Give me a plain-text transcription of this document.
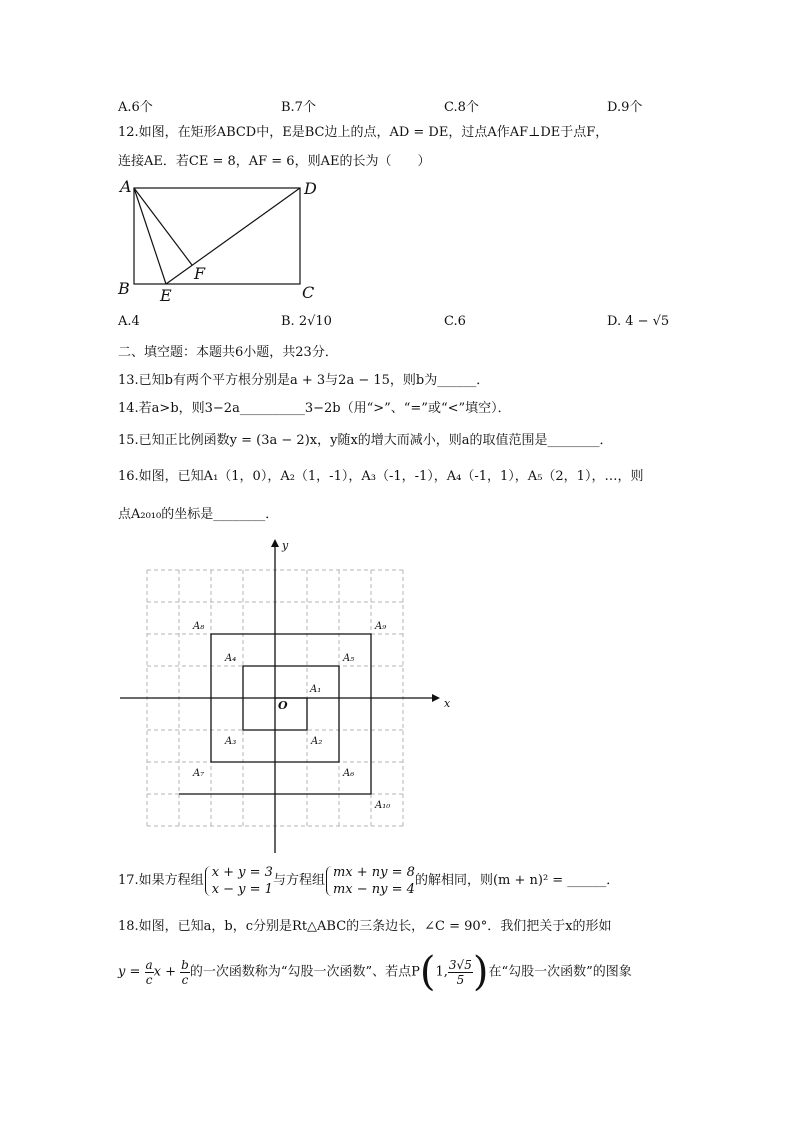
A.6个	B.7个	C.8个	D.9个
12.如图，在矩形ABCD中，E是BC边上的点，AD = DE，过点A作AF⊥DE于点F，
连接AE．若CE = 8，AF = 6，则AE的长为（　　）
A	D
B	C
E
F
A.4	B. 2√10	C.6	D. 4 − √5
二、填空题：本题共6小题，共23分．
13.已知b有两个平方根分别是a + 3与2a − 15，则b为______．
14.若a>b，则3−2a__________3−2b（用“>”、“=”或“<”填空）．
15.已知正比例函数y = (3a − 2)x，y随x的增大而减小，则a的取值范围是________．
16.如图，已知A₁（1，0），A₂（1，-1），A₃（-1，-1），A₄（-1，1），A₅（2，1），…，则
点A₂₀₁₀的坐标是________．
x
y
O
A₁
A₂
A₃
A₄	A₅
A₆
A₇
A₈	A₉
A₁₀
17.如果方程组
x + y = 3
x − y = 1
与方程组
mx + ny = 8
mx − ny = 4
的解相同，则(m + n)² = ______．
18.如图，已知a，b，c分别是Rt△ABC的三条边长，∠C = 90°．我们把关于x的形如
$y = \frac{a}{c}$ $x + \frac{b}{c}$ 的一次函数称为“勾股一次函数”、若点P(1, $\frac{3√5}{5}$ )在“勾股一次函数”的图象
